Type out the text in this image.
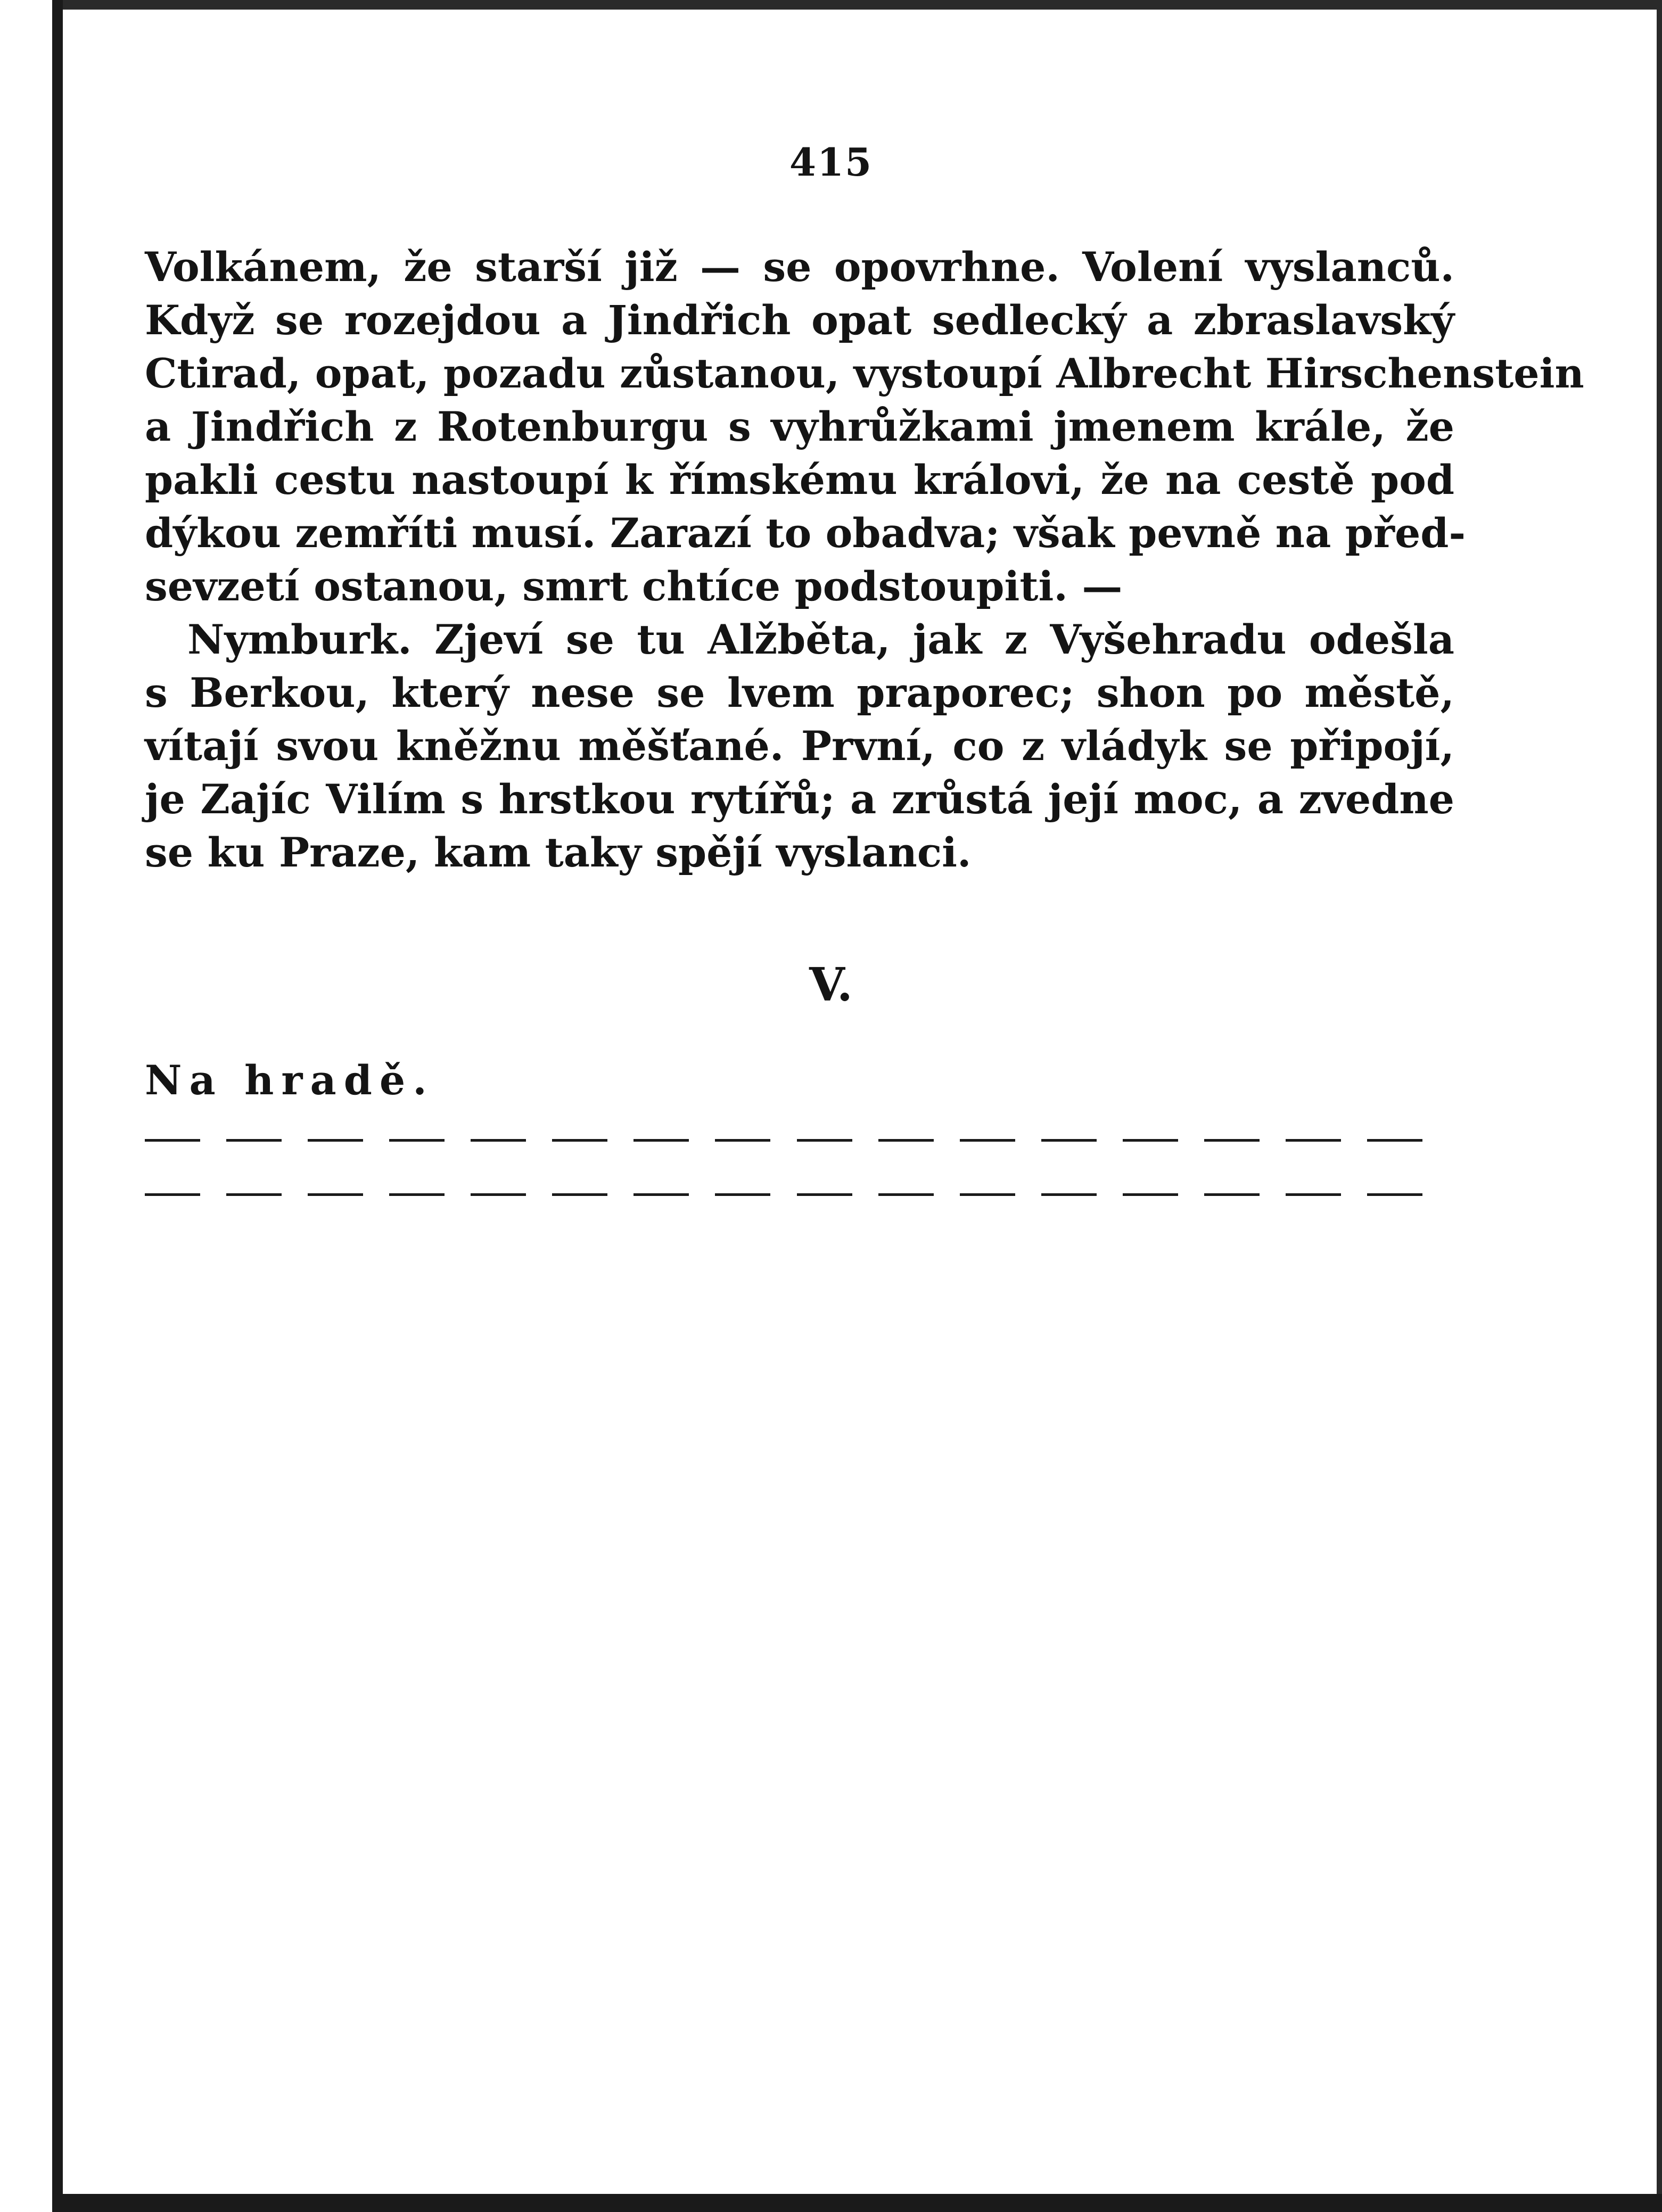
415
Volkánem, že starší již — se opovrhne. Volení vyslanců.
Když se rozejdou a Jindřich opat sedlecký a zbraslavský
Ctirad, opat, pozadu zůstanou, vystoupí Albrecht Hirschenstein
a Jindřich z Rotenburgu s vyhrůžkami jmenem krále, že
pakli cestu nastoupí k římskému královi, že na cestě pod
dýkou zemříti musí. Zarazí to obadva; však pevně na před-
sevzetí ostanou, smrt chtíce podstoupiti. —
Nymburk. Zjeví se tu Alžběta, jak z Vyšehradu odešla
s Berkou, který nese se lvem praporec; shon po městě,
vítají svou kněžnu měšťané. První, co z vládyk se připojí,
je Zajíc Vilím s hrstkou rytířů; a zrůstá její moc, a zvedne
se ku Praze, kam taky spějí vyslanci.
V.
Na hradě.
